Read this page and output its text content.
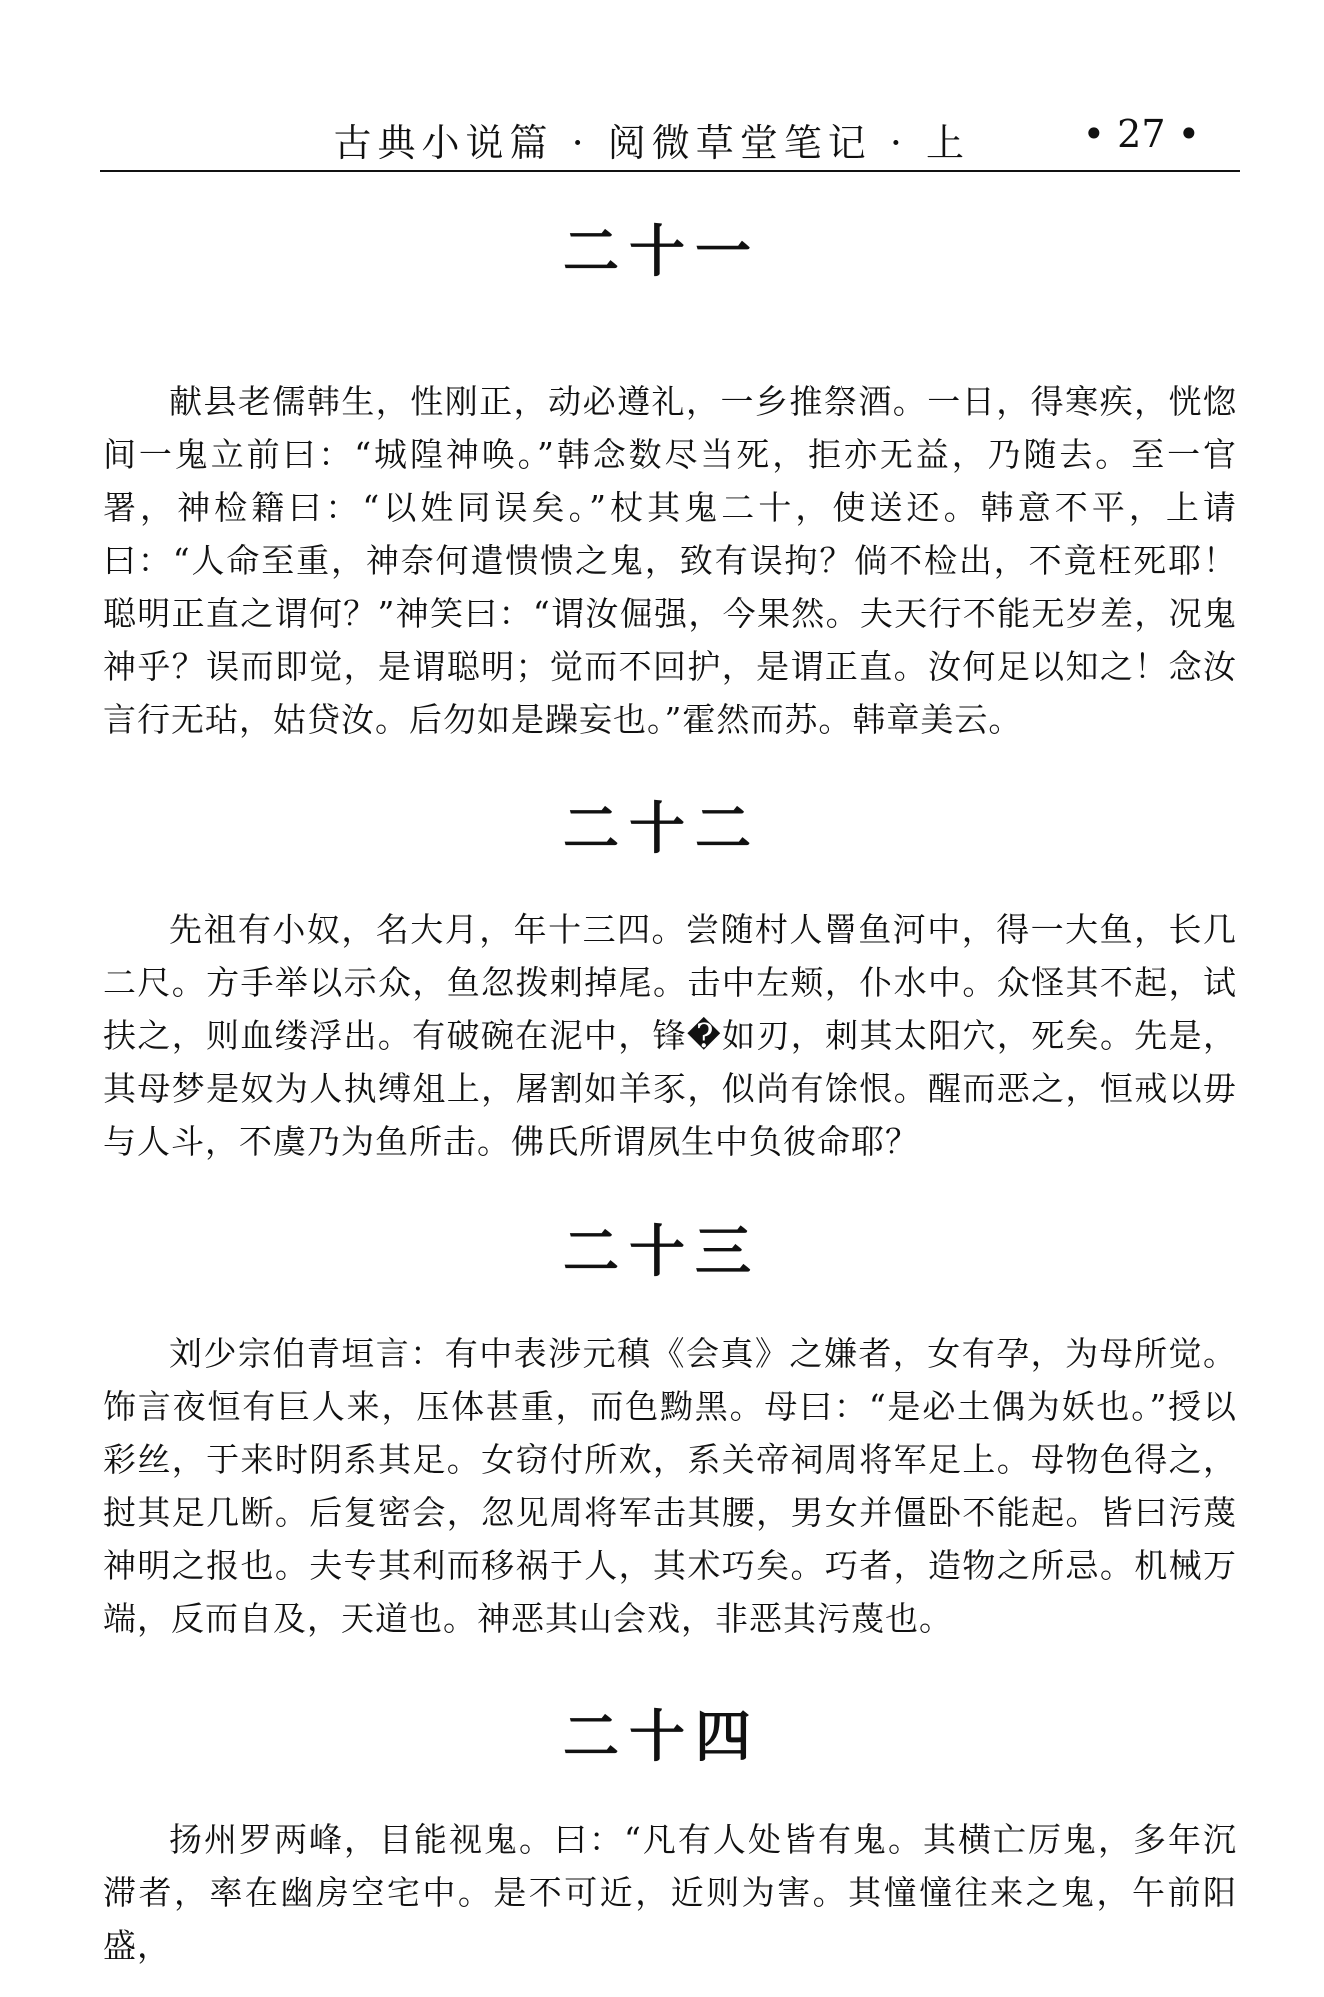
古典小说篇 · 阅微草堂笔记 · 上	• 27 •
二十一

献县老儒韩生，性刚正，动必遵礼，一乡推祭酒。一日，得寒疾，恍惚间一鬼立前曰：“城隍神唤。”韩念数尽当死，拒亦无益，乃随去。至一官署，神检籍曰：“以姓同误矣。”杖其鬼二十，使送还。韩意不平，上请曰：“人命至重，神奈何遣愦愦之鬼，致有误拘？倘不检出，不竟枉死耶！聪明正直之谓何？”神笑曰：“谓汝倔强，今果然。夫天行不能无岁差，况鬼神乎？误而即觉，是谓聪明；觉而不回护，是谓正直。汝何足以知之！念汝言行无玷，姑贷汝。后勿如是躁妄也。”霍然而苏。韩章美云。

二十二

先祖有小奴，名大月，年十三四。尝随村人罾鱼河中，得一大鱼，长几二尺。方手举以示众，鱼忽拨剌掉尾。击中左颊，仆水中。众怪其不起，试扶之，则血缕浮出。有破碗在泥中，锋�如刃，刺其太阳穴，死矣。先是，其母梦是奴为人执缚俎上，屠割如羊豕，似尚有馀恨。醒而恶之，恒戒以毋与人斗，不虞乃为鱼所击。佛氏所谓夙生中负彼命耶？

二十三

刘少宗伯青垣言：有中表涉元稹《会真》之嫌者，女有孕，为母所觉。饰言夜恒有巨人来，压体甚重，而色黝黑。母曰：“是必土偶为妖也。”授以彩丝，于来时阴系其足。女窃付所欢，系关帝祠周将军足上。母物色得之，挝其足几断。后复密会，忽见周将军击其腰，男女并僵卧不能起。皆曰污蔑神明之报也。夫专其利而移祸于人，其术巧矣。巧者，造物之所忌。机械万端，反而自及，天道也。神恶其山会戏，非恶其污蔑也。

二十四

扬州罗两峰，目能视鬼。曰：“凡有人处皆有鬼。其横亡厉鬼，多年沉滞者，率在幽房空宅中。是不可近，近则为害。其憧憧往来之鬼，午前阳盛，
